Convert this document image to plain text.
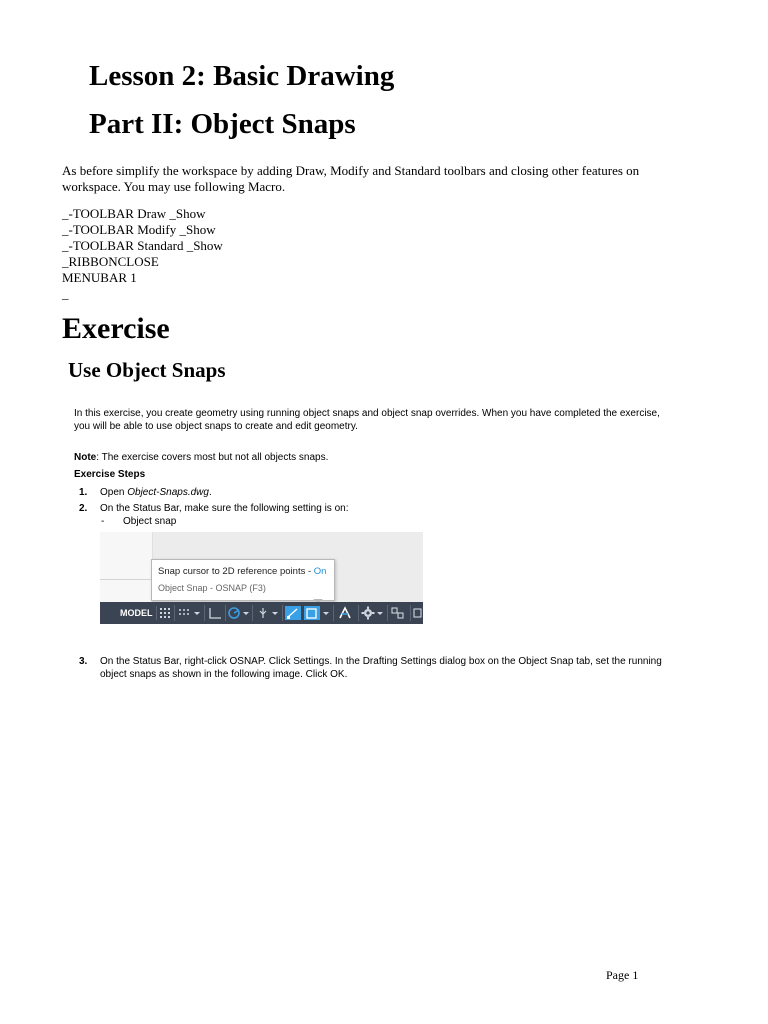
Lesson 2: Basic Drawing
Part II: Object Snaps
As before simplify the workspace by adding Draw, Modify and Standard toolbars and closing other features on
workspace. You may use following Macro.
_-TOOLBAR Draw _Show
_-TOOLBAR Modify _Show
_-TOOLBAR Standard _Show
_RIBBONCLOSE
MENUBAR 1
_
Exercise
Use Object Snaps
In this exercise, you create geometry using running object snaps and object snap overrides. When you have completed the exercise,
you will be able to use object snaps to create and edit geometry.
Note: The exercise covers most but not all objects snaps.
Exercise Steps
1. Open Object-Snaps.dwg.
2. On the Status Bar, make sure the following setting is on:
- Object snap
Snap cursor to 2D reference points - On
Object Snap - OSNAP (F3)
MODEL
3. On the Status Bar, right-click OSNAP. Click Settings. In the Drafting Settings dialog box on the Object Snap tab, set the running
object snaps as shown in the following image. Click OK.
Page 1
